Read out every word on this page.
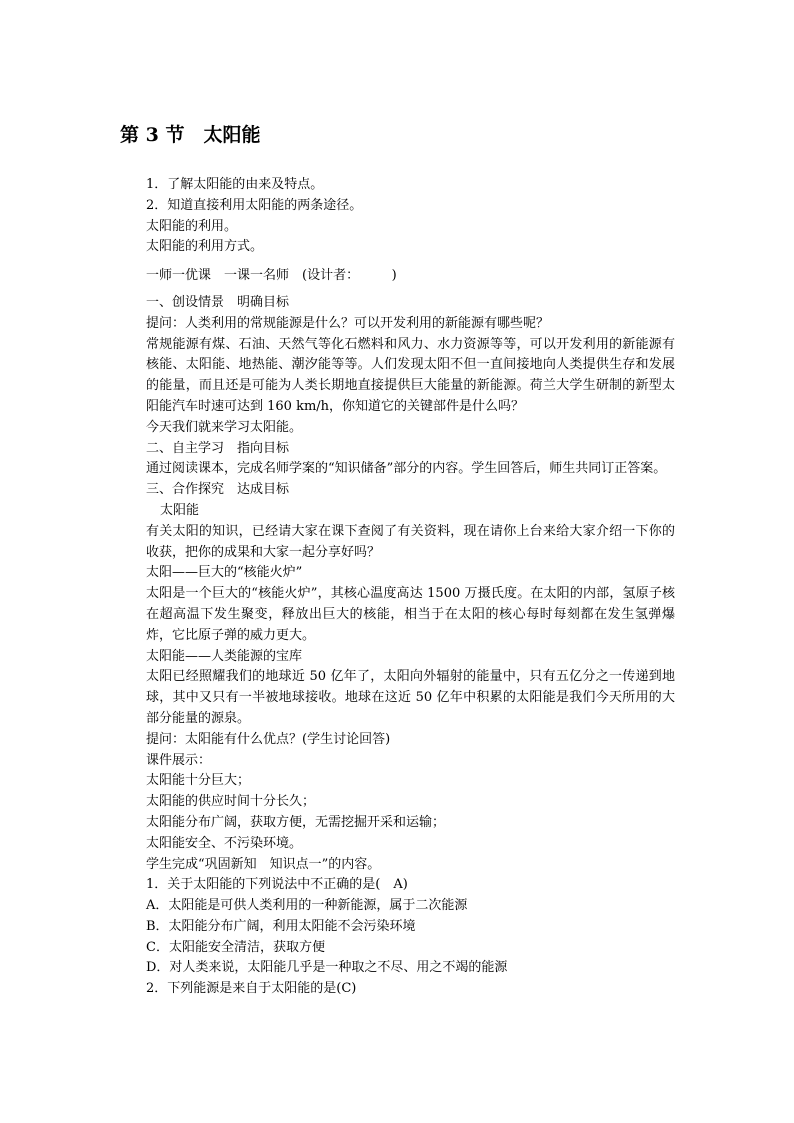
第 3 节　太阳能
1．了解太阳能的由来及特点。
2．知道直接利用太阳能的两条途径。
太阳能的利用。
太阳能的利用方式。
一师一优课　一课一名师　(设计者：　　　)
一、创设情景　明确目标
提问：人类利用的常规能源是什么？可以开发利用的新能源有哪些呢？
常规能源有煤、石油、天然气等化石燃料和风力、水力资源等等，可以开发利用的新能源有核能、太阳能、地热能、潮汐能等等。人们发现太阳不但一直间接地向人类提供生存和发展的能量，而且还是可能为人类长期地直接提供巨大能量的新能源。荷兰大学生研制的新型太阳能汽车时速可达到 160 km/h，你知道它的关键部件是什么吗？
今天我们就来学习太阳能。
二、自主学习　指向目标
通过阅读课本，完成名师学案的“知识储备”部分的内容。学生回答后，师生共同订正答案。
三、合作探究　达成目标
太阳能
有关太阳的知识，已经请大家在课下查阅了有关资料，现在请你上台来给大家介绍一下你的收获，把你的成果和大家一起分享好吗？
太阳——巨大的“核能火炉”
太阳是一个巨大的“核能火炉”，其核心温度高达 1500 万摄氏度。在太阳的内部，氢原子核在超高温下发生聚变，释放出巨大的核能，相当于在太阳的核心每时每刻都在发生氢弹爆炸，它比原子弹的威力更大。
太阳能——人类能源的宝库
太阳已经照耀我们的地球近 50 亿年了，太阳向外辐射的能量中，只有五亿分之一传递到地球，其中又只有一半被地球接收。地球在这近 50 亿年中积累的太阳能是我们今天所用的大部分能量的源泉。
提问：太阳能有什么优点？(学生讨论回答)
课件展示：
太阳能十分巨大；
太阳能的供应时间十分长久；
太阳能分布广阔，获取方便，无需挖掘开采和运输；
太阳能安全、不污染环境。
学生完成“巩固新知　知识点一”的内容。
1．关于太阳能的下列说法中不正确的是(　A)
A．太阳能是可供人类利用的一种新能源，属于二次能源
B．太阳能分布广阔，利用太阳能不会污染环境
C．太阳能安全清洁，获取方便
D．对人类来说，太阳能几乎是一种取之不尽、用之不竭的能源
2．下列能源是来自于太阳能的是(C)
